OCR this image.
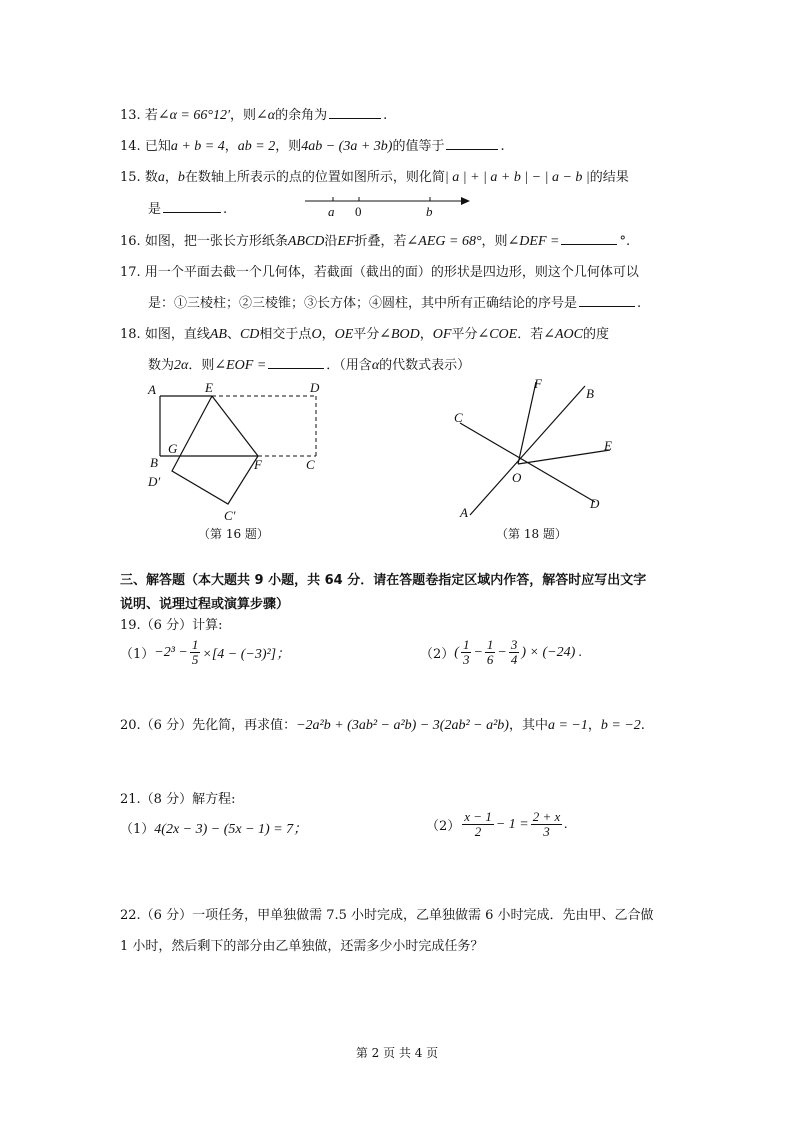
13. 若∠α = 66°12′，则∠α的余角为	.
14. 已知a + b = 4，ab = 2，则4ab − (3a + 3b)的值等于	.
15. 数a，b在数轴上所表示的点的位置如图所示，则化简| a | + | a + b | − | a − b |的结果
是	.	a 0	b
16. 如图，把一张长方形纸条ABCD沿EF折叠，若∠AEG = 68°，则∠DEF =	°.
17. 用一个平面去截一个几何体，若截面（截出的面）的形状是四边形，则这个几何体可以
是：①三棱柱；②三棱锥；③长方体；④圆柱，其中所有正确结论的序号是	.
18. 如图，直线AB、CD相交于点O，OE平分∠BOD，OF平分∠COE．若∠AOC的度
数为2α．则∠EOF =	．（用含α的代数式表示）
A	E	D
G
B	F	C
D′
C′
（第 16 题）
F
B
C
E
O
A
D
（第 18 题）
三、解答题（本大题共 9 小题，共 64 分．请在答题卷指定区域内作答，解答时应写出文字
说明、说理过程或演算步骤）
19.（6 分）计算:
$(1) -2^3 - \frac{1}{5} \times[4 - (-3)^2]$；	（2） ( $\frac{1}{3} - \frac{1}{6} - \frac{3}{4}$ ) × (−24) .
20.（6 分）先化简，再求值：−2a²b + (3ab² − a²b) − 3(2ab² − a²b)，其中a = −1，b = −2.
21.（8 分）解方程:
（1）4(2x − 3) − (5x − 1) = 7；	$(2) \frac{x - 1}{2} - 1 = \frac{2 + x}{3}$ .
22.（6 分）一项任务，甲单独做需 7.5 小时完成，乙单独做需 6 小时完成．先由甲、乙合做
1 小时，然后剩下的部分由乙单独做，还需多少小时完成任务？
第 2 页 共 4 页
